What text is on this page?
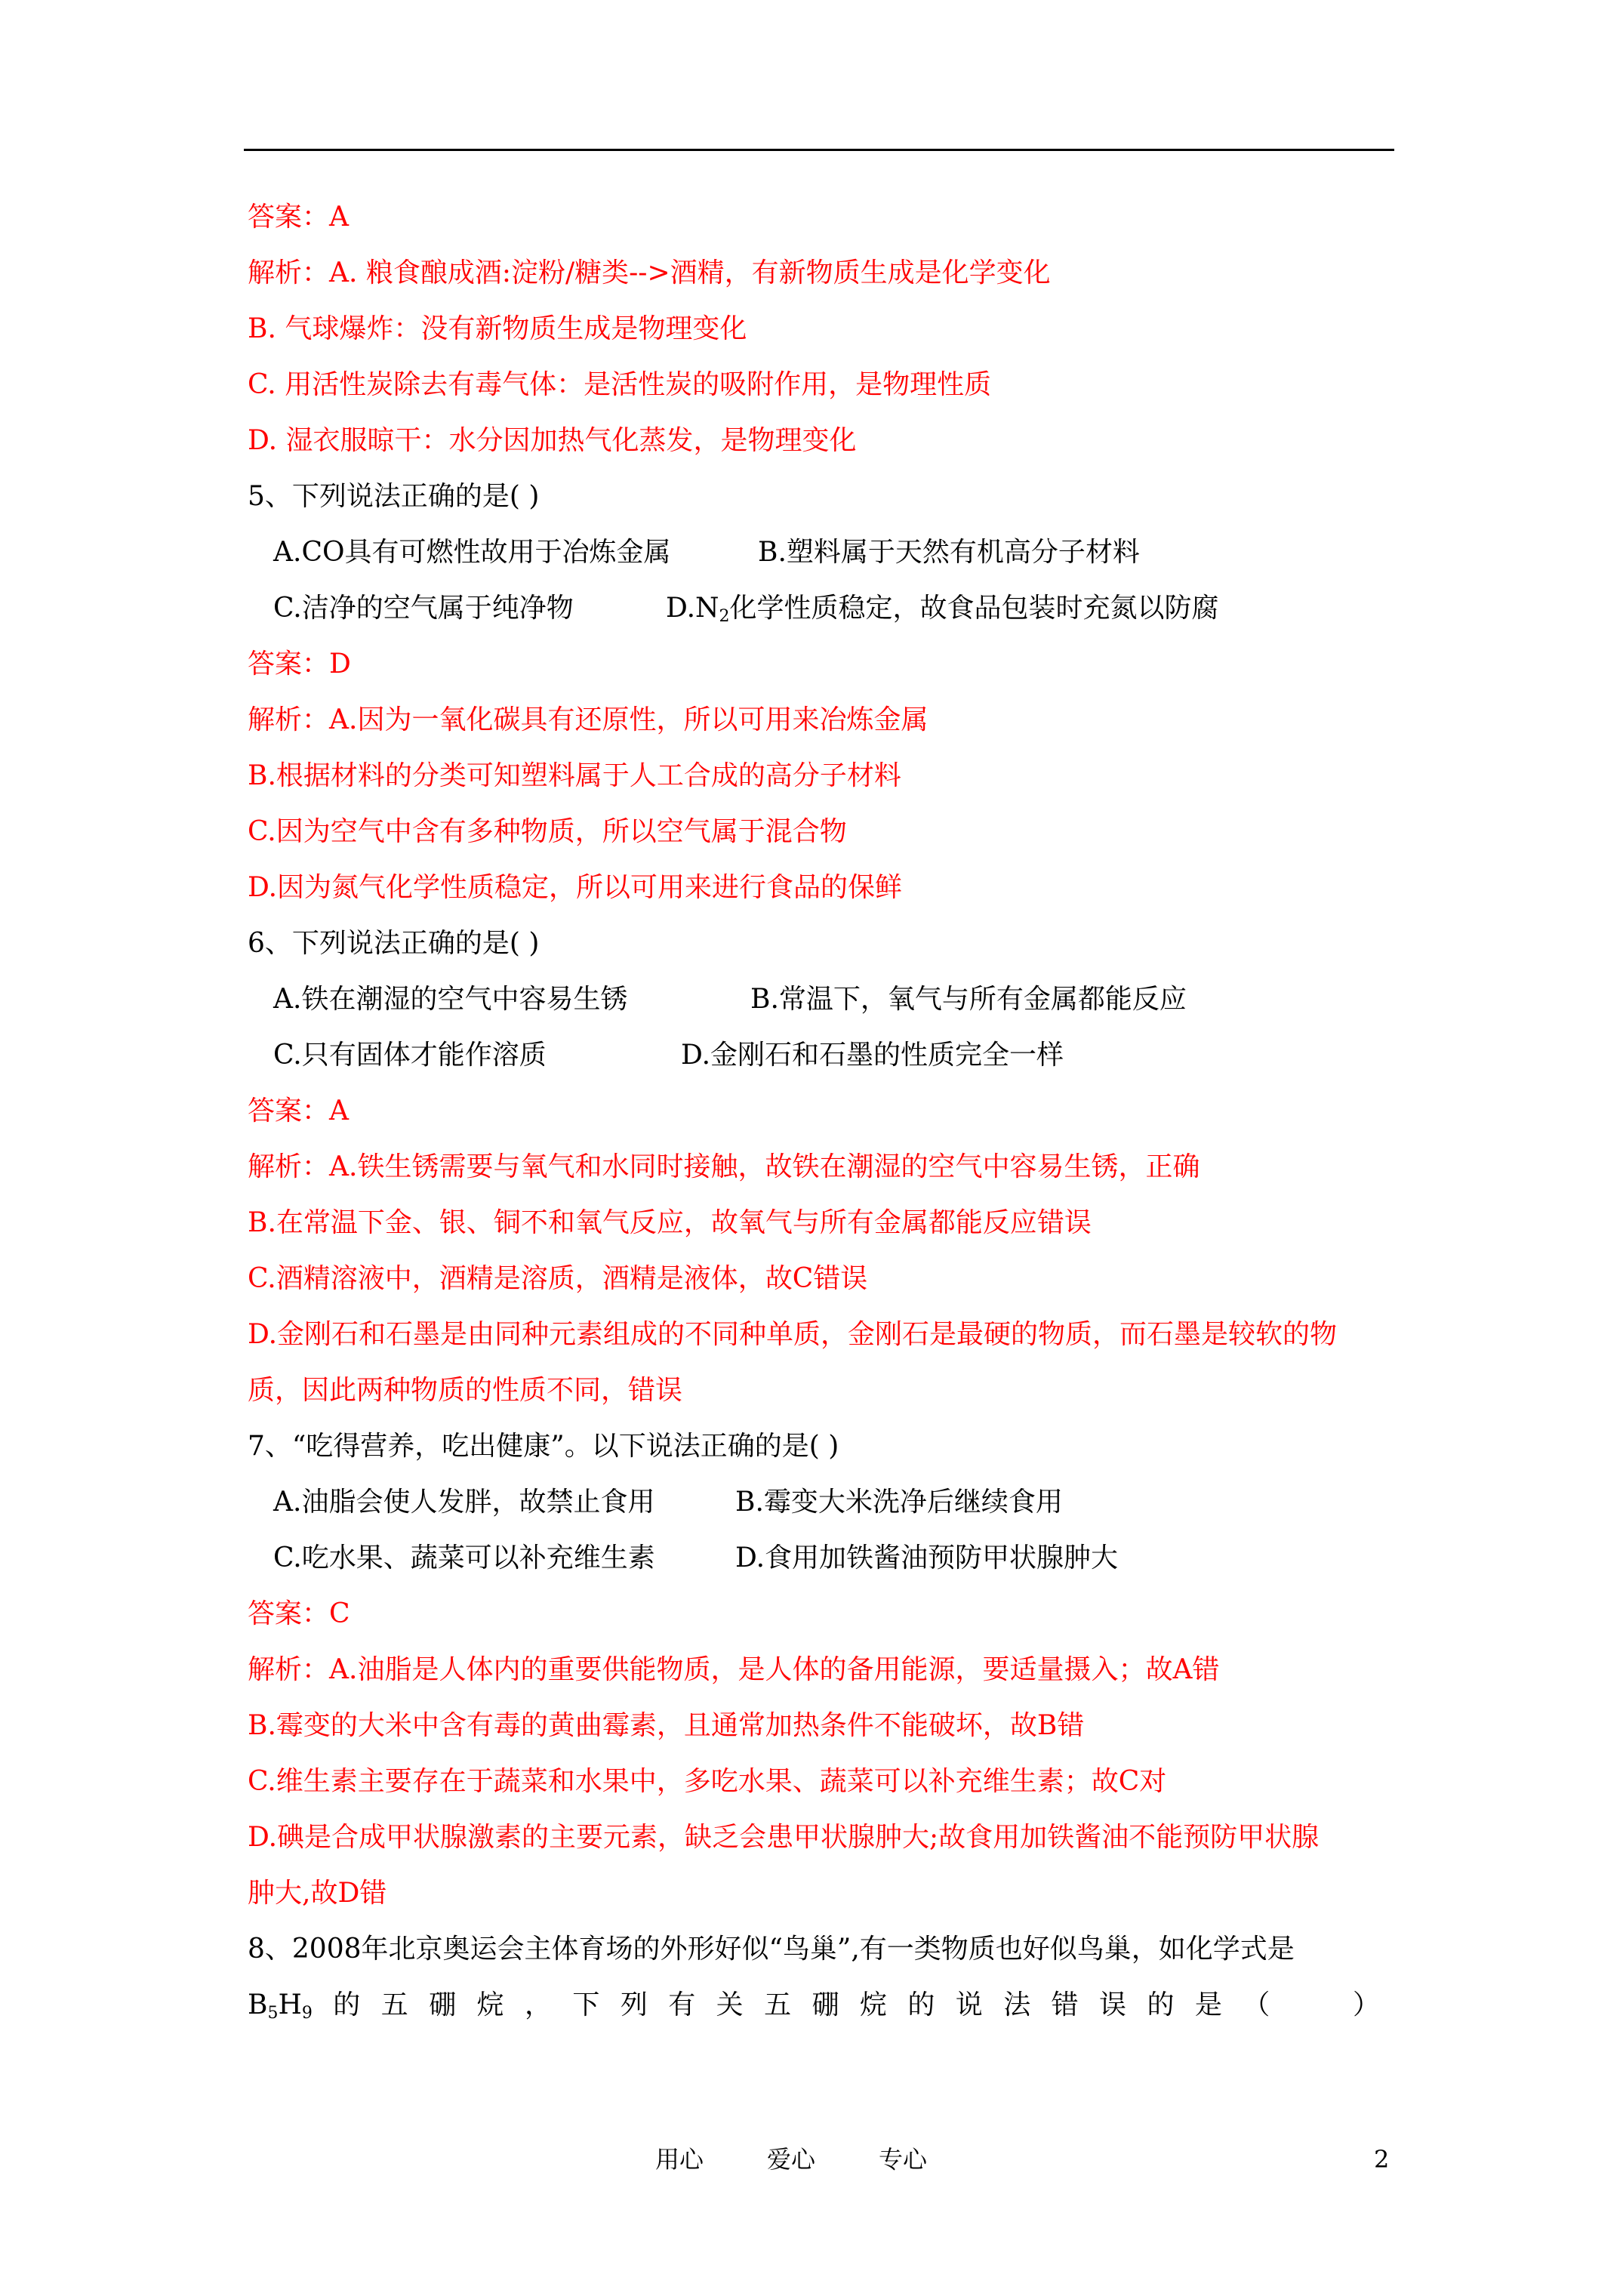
答案：A
解析：A. 粮食酿成酒:淀粉/糖类-->酒精，有新物质生成是化学变化
B. 气球爆炸：没有新物质生成是物理变化
C. 用活性炭除去有毒气体：是活性炭的吸附作用，是物理性质
D. 湿衣服晾干：水分因加热气化蒸发，是物理变化
5、下列说法正确的是( )
A.CO具有可燃性故用于冶炼金属	B.塑料属于天然有机高分子材料
C.洁净的空气属于纯净物	$D.N_2$化学性质稳定，故食品包装时充氮以防腐
答案：D
解析：A.因为一氧化碳具有还原性，所以可用来冶炼金属
B.根据材料的分类可知塑料属于人工合成的高分子材料
C.因为空气中含有多种物质，所以空气属于混合物
D.因为氮气化学性质稳定，所以可用来进行食品的保鲜
6、下列说法正确的是( )
A.铁在潮湿的空气中容易生锈	B.常温下，氧气与所有金属都能反应
C.只有固体才能作溶质	D.金刚石和石墨的性质完全一样
答案：A
解析：A.铁生锈需要与氧气和水同时接触，故铁在潮湿的空气中容易生锈，正确
B.在常温下金、银、铜不和氧气反应，故氧气与所有金属都能反应错误
C.酒精溶液中，酒精是溶质，酒精是液体，故C错误
D.金刚石和石墨是由同种元素组成的不同种单质，金刚石是最硬的物质，而石墨是较软的物
质，因此两种物质的性质不同，错误
7、“吃得营养，吃出健康”。以下说法正确的是( )
A.油脂会使人发胖，故禁止食用	B.霉变大米洗净后继续食用
C.吃水果、蔬菜可以补充维生素	D.食用加铁酱油预防甲状腺肿大
答案：C
解析：A.油脂是人体内的重要供能物质，是人体的备用能源，要适量摄入；故A错
B.霉变的大米中含有毒的黄曲霉素，且通常加热条件不能破坏，故B错
C.维生素主要存在于蔬菜和水果中，多吃水果、蔬菜可以补充维生素；故C对
D.碘是合成甲状腺激素的主要元素，缺乏会患甲状腺肿大;故食用加铁酱油不能预防甲状腺
肿大,故D错
8、2008年北京奥运会主体育场的外形好似“鸟巢”,有一类物质也好似鸟巢，如化学式是
$B_5H_9$ 的 五 硼 烷 ， 下 列 有 关 五 硼 烷 的 说 法 错 误 的 是 （	）
用心	爱心	专心	2
